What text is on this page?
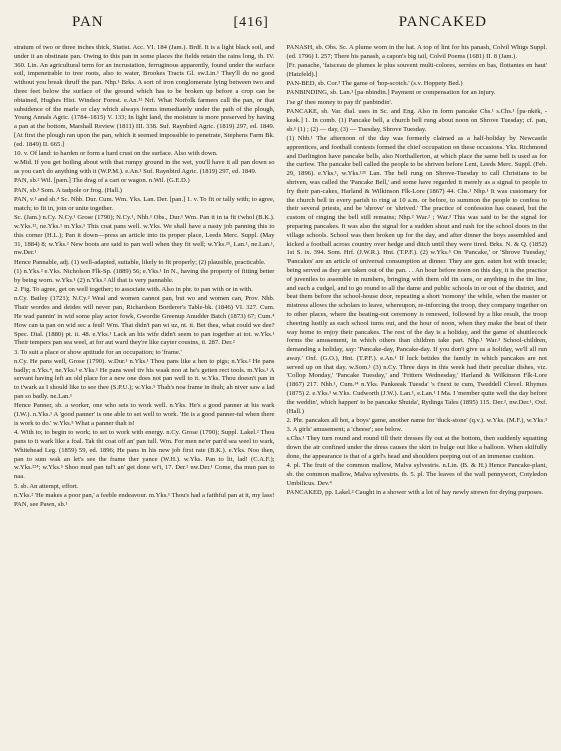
PAN	[416]	PANCAKED

stratum of two or three inches thick, Statist. Acc. VI. 184 (Jam.). Brdf. It is a light black soil, and under it an obstinate pan. Owing to this pan in some places the fields retain the rains long, ib. IV. 360. Lin. An agricultural term for an incrustation, ferruginous apparently, found under the surface soil, impenetrable to tree roots, also to water, Brookes Tracts Gl. sw.Lin.¹ They'll do no good without you break thruff the pan. Nhp.¹ Brks. A sort of iron conglomerate lying between two and three feet below the surface of the ground which has to be broken up before a crop can be obtained, Hughes Hist. Windsor Forest. e.An.¹² Nrf. What Norfolk farmers call the pan, or that subsidence of the marle or clay which always forms immediately under the path of the plough, Young Annals Agric. (1784–1815) V. 133; In light land, the moisture is more preserved by having a pan at the bottom, Marshall Review (1811) III. 338. Suf. Raynbird Agric. (1819) 297, ed. 1849. [At first the plough ran upon the pan, which it seemed impossible to penetrate, Stephens Farm Bk. (ed. 1849) II. 665.]

10. v. Of land: to harden or form a hard crust on the surface. Also with down.

w.Mid. If you get boiling about with that rumpy ground in the wet, you'll have it all pan down so as you can't do anything with it (W.P.M.). e.An.¹ Suf. Raynbird Agric. (1819) 297, ed. 1849.

PAN, sb.² Wil. [pæn.] The drag of a cart or wagon. n.Wil. (G.E.D.)

PAN, sb.³ Som. A tadpole or frog. (Hall.)

PAN, v.¹ and sb.⁴ Sc. Nhb. Dur. Cum. Wm. Yks. Lan. Der. [pan.] 1. v. To fit or tally with; to agree, match; to fit in, join or unite together.

Sc. (Jam.) n.Cy. N.Cy.¹ Grose (1790); N.Cy.¹, Nhb.¹ Obs., Dur.¹ Wm. Pan it in ta fit t'whol (B.K.). w.Yks.¹², ne.Yks.¹ m.Yks.¹ This coat pans well. w.Yks. We shall have a nasty job panning this to this corner (H.L.); Pan it down—press an article into its proper place, Leeds Merc. Suppl. (May 31, 1884) 8; w.Yks.² New boots are said to pan well when they fit well; w.Yks.²⁵, Lan.¹, ne.Lan.¹, nw.Der.¹

Hence Pannable, adj. (1) well-adapted, suitable, likely to fit properly; (2) plausible, practicable.

(1) n.Yks.² e.Yks. Nicholson Flk-Sp. (1889) 56; e.Yks.¹ In N., having the property of fitting better by being worn. w.Yks.¹ (2) n.Yks.² All that is very pannable.

2. Fig. To agree, get on well together; to associate with. Also in phr. to pan with or in with.

n.Cy. Bailey (1721); N.Cy.² Weal and women cannot pan, but wo and women can, Prov. Nhb. Thair wordes and deides will never pan, Richardson Borderer's Table-bk. (1846) VI. 327. Cum. He wad pannin' in wid some play actor fowk, Gwordie Greenup Anudder Batch (1873) 67; Cum.⁴ How can ta pan on wid sec a feul! Wm. That didn't pan wi uz, nt. it. Bet thea, what could we dee? Spec. Dial. (1880) pt. ii. 48. e.Yks.¹ Lack an his wife didn't seem to pan together at tot. w.Yks.¹ Their tempers pan sea weel, at for aut ward they're like cayter cousins, ii. 287. Der.²

3. To suit a place or show aptitude for an occupation; to 'frame.'

n.Cy. He pans well, Grose (1790). w.Dur.¹ n.Yks.¹ Thou pans like a hen to pigs; n.Yks.² He pans badly; n.Yks.⁴, ne.Yks.¹ e.Yks.¹ He pans weel tiv his waak noo at he's getten rect tools. m.Yks.¹ A servant having left an old place for a new one does not pan well to it. w.Yks. Thou doesn't pan in to t'wark as I should like to see thee (S.P.U.); w.Yks.⁵ Thah's noa frame in thuh; ah niver saw a lad pan so badly. ne.Lan.¹

Hence Panner, sb. a worker, one who sets to work well. n.Yks. He's a good panner at his wark (I.W.). n.Yks.¹ A 'good panner' is one able to set well to work. 'He is a good panner-tul when there is work to do.' w.Yks.⁵ What a panner thah is!

4. With to; to begin to work; to set to work with energy. n.Cy. Grose (1790); Suppl. Lakel.² Thou pans to it wark like a foal. Tak thi coat off an' pan tull. Wm. For men ne'er pan'd sea weel to wark, Whitehead Leg. (1859) 59, ed. 1896; He pans in his new job first rate (B.K.). e.Yks. Noo then, pan to sum wak an let's see the frame ther yance (W.H.). w.Yks. Pan to lit, lad! (C.A.F.); w.Yks.²²⁴; w.Yks.⁵ Shoo mud pan tul't an' get done wi't, 17. Der.² nw.Der.¹ Come, tha mun pan to naa.

5. sb. An attempt, effort.

n.Yks.² 'He makes a poor pan,' a feeble endeavour. m.Yks.¹ Thou's had a faithful pan at it, my lass!

PAN, see Pawn, sb.¹

PANASH, sb. Obs. Sc. A plume worn in the hat. A top of lint for his panash, Colvil Whigs Suppl. (ed. 1796) I. 257; There his panash, a capon's big tail, Colvil Poems (1681) II. 8 (Jam.).

[Fr. panache, 'faisceau de plumes le plus souvent multi-colores, serrées en bas, flottantes en haut' (Hatzfeld).]

PAN-BED, sb. Cor.³ The game of 'hop-scotch.' (s.v. Hoppety Bed.)

PANBINDING, sb. Lan.¹ [pa·nbindin.] Payment or compensation for an injury.

I'se gi' thee money to pay th' panbindin'.

PANCAKE, sb. Var. dial. uses in Sc. and Eng. Also in form pancake Chs.¹ s.Chs.¹ [pa·nkēk, -keək.] 1. In comb. (1) Pancake bell, a church bell rung about noon on Shrove Tuesday; cf. pan, sb.¹ (1) ; (2) — day, (3) — Tuesday, Shrove Tuesday.

(1) Nhb.¹ The afternoon of the day was formerly claimed as a half-holiday by Newcastle apprentices, and football contests formed the chief occupation on these occasions. Yks. Richmond and Darlington have pancake bells, also Northallerton, at which place the same bell is used as for the curfew. The pancake bell called the people to be shriven before Lent, Leeds Merc. Suppl. (Feb. 29, 1896). e.Yks.¹, w.Yks.¹²⁵ Lan. The bell rung on Shrove-Tuesday to call Christians to be shriven, was called the 'Pancake Bell,' and some have regarded it merely as a signal to people to fry their pan-cakes, Harland & Wilkinson Flk-Lore (1867) 44. Chs.¹ Nhp.¹ It was customary for the church bell in every parish to ring at 10 a.m. or before, to summon the people to confess to their several priests, and be 'shrove' or 'shrived.' The practice of confession has ceased, but the custom of ringing the bell still remains; Nhp.² War.² ; War.³ This was said to be the signal for preparing pancakes. It was also the signal for a sudden shout and rush for the school doors in the village schools. School was then broken up for the day, and after dinner the boys assembled and kicked a football across country over hedge and ditch until they were tired. Brks. N. & Q. (1852) 1st S. ix. 394. Som. Hrf. (J.W.R.). Hnt. (T.P.F.). (2) w.Yks.⁵ On 'Pancake,' or 'Shrove Tuesday,' 'Pancakes' are an article of universal consumption at dinner. They are gen. eaten hot with treacle; being served as they are taken out of the pan. . . An hour before noon on this day, it is the practice of juveniles to assemble in numbers, bringing with them old tin cans, or anything in the tin line, and each a cudgel, and to go round to all the dame and public schools in or out of the district, and beat them before the school-house door, repeating a short 'nomony' the while, when the master or mistress allows the scholars to leave, whereupon, re-inforcing the troop, they company together on to other places, where the beating-out ceremony is renewed, followed by a like result, the troop cheering lustily as each school turns out, and the hour of noon, when they make the beat of their way home to enjoy their pancakes. The rest of the day is a holiday, and the game of shuttlecock forms the amusement, in which others than children take part. Nhp.¹ War.³ School-children, demanding a holiday, say: 'Pancake-day, Pancake-day. If you don't give us a holiday, we'll all run away.' Oxf. (G.O.), Hnt. (T.P.F.). e.An.¹ If luck betides the family in which pancakes are not served up on that day. w.Som.¹ (3) n.Cy. Three days in this week had their peculiar dishes, viz. 'Collop Monday,' 'Pancake Tuesday,' and 'Fritters Wednesday,' Harland & Wilkinson Flk-Lore (1867) 217. Nhb.¹, Cum.¹⁴ n.Yks. Pankeeak Tuesda' 's t'next te cum, Tweddell Clevel. Rhymes (1875) 2. e.Yks.¹ w.Yks. Cudworth (J.W.). Lan.¹, e.Lan.¹ I Ma. I 'member quite well the day before the weddin', which happen' to be pancake Shuida', Rydings Tales (1895) 115. Der.², nw.Der.¹, Oxf. (Hall.)

2. Phr. pancakes all hot, a boys' game, another name for 'duck-stone' (q.v.). w.Yks. (M.F.), w.Yks.³ 3. A girls' amusement; a 'cheese'; see below.

s.Chs.¹ They turn round and round till their dresses fly out at the bottom, then suddenly squatting down the air confined under the dress causes the skirt to bulge out like a balloon. When skilfully done, the appearance is that of a girl's head and shoulders peeping out of an immense cushion.

4. pl. The fruit of the common mallow, Malva sylvestris. n.Lin. (B. & H.) Hence Pancake-plant, sb. the common mallow, Malva sylvestris. ib. 5. pl. The leaves of the wall pennywort, Cotyledon Umbilicus. Dev.⁴

PANCAKED, pp. Lakel.² Caught in a shower with a lot of hay newly strewn for drying purposes.
